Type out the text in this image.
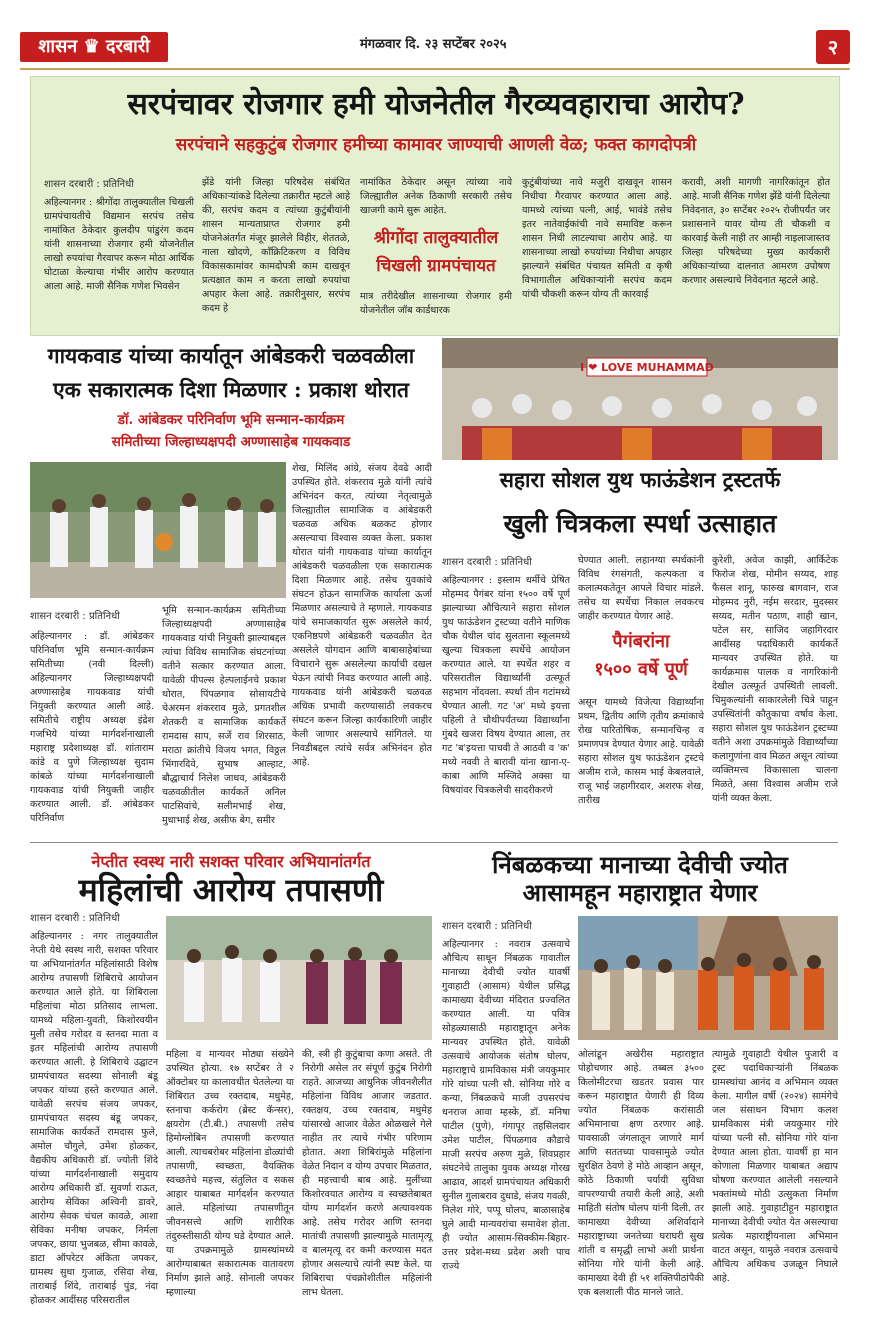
शासन ♛ दरबारी	मंगळवार दि. २३ सप्टेंबर २०२५	२
सरपंचावर रोजगार हमी योजनेतील गैरव्यवहाराचा आरोप?
सरपंचाने सहकुटुंब रोजगार हमीच्या कामावर जाण्याची आणली वेळ; फक्त कागदोपत्री
शासन दरबारी : प्रतिनिधी
अहिल्यानगर : श्रीगोंदा तालुक्यातील चिखली ग्रामपंचायतीचे विद्यमान सरपंच तसेच नामांकित ठेकेदार कुलदीप पांडुरंग कदम यांनी शासनाच्या रोजगार हमी योजनेतील लाखो रुपयांचा गैरवापर करून मोठा आर्थिक घोटाळा केल्याचा गंभीर आरोप करण्यात आला आहे. माजी सैनिक गणेश भिवसेन
झेंडे यांनी जिल्हा परिषदेस संबंधित अधिकाऱ्यांकडे दिलेल्या तक्रारीत म्हटले आहे की, सरपंच कदम व त्यांच्या कुटुंबीयांनी शासन मान्यताप्राप्त रोजगार हमी योजनेअंतर्गत मंजूर झालेले विहीर, शेततळे, नाला खोदणे, कॉंक्रिटिकरण व विविध विकासकामांवर कामदोपत्री काम दाखवून प्रत्यक्षात काम न करता लाखो रुपयांचा अपहार केला आहे. तक्रारीनुसार, सरपंच कदम हे
नामांकित ठेकेदार असून त्यांच्या नावे जिल्ह्यातील अनेक ठिकाणी सरकारी तसेच खाजगी कामे सुरू आहेत.
श्रीगोंदा तालुक्यातील
चिखली ग्रामपंचायत
मात्र तरीदेखील शासनाच्या रोजगार हमी योजनेतील जॉब कार्डधारक
कुटुंबीयांच्या नावे मजुरी दाखवून शासन निधीचा गैरवापर करण्यात आला आहे. यामध्ये त्यांच्या पत्नी, आई, भावंडे तसेच इतर नातेवाईकांची नावे समाविष्ट करून शासन निधी लाटल्याचा आरोप आहे. या शासनाच्या लाखो रुपयांच्या निधीचा अपहार झाल्याने संबंधित पंचायत समिती व कृषी विभागातील अधिकाऱ्यांनी सरपंच कदम यांची चौकशी करून योग्य ती कारवाई
करावी, अशी मागणी नागरिकांतून होत आहे. माजी सैनिक गणेश झेंडे यांनी दिलेल्या निवेदनात, ३० सप्टेंबर २०२५ रोजीपर्यंत जर प्रशासनाने यावर योग्य ती चौकशी व कारवाई केली नाही तर आम्ही नाइलाजास्तव जिल्हा परिषदेच्या मुख्य कार्यकारी अधिकाऱ्यांच्या दालनात आमरण उपोषण करणार असल्याचे निवेदनात म्हटले आहे.
गायकवाड यांच्या कार्यातून आंबेडकरी चळवळीला
एक सकारात्मक दिशा मिळणार : प्रकाश थोरात
डॉ. आंबेडकर परिनिर्वाण भूमि सन्मान-कार्यक्रम
समितीच्या जिल्हाध्यक्षपदी अण्णासाहेब गायकवाड
शेख, मिलिंद आंग्रे, संजय देवढे आदी उपस्थित होते. शंकरराव मुळे यांनी त्यांचे अभिनंदन करत, त्यांच्या नेतृत्वामुळे जिल्ह्यातील सामाजिक व आंबेडकरी चळवळ अधिक बळकट होणार असल्याचा विश्वास व्यक्त केला. प्रकाश थोरात यांनी गायकवाड यांच्या कार्यातून आंबेडकरी चळवळीला एक सकारात्मक दिशा मिळणार आहे. तसेच युवकांचे संघटन होऊन सामाजिक कार्याला ऊर्जा मिळणार असल्याचे ते म्हणाले. गायकवाड यांचे समाजकार्यात सुरू असलेले कार्य, एकनिष्ठपणे आंबेडकरी चळवळीत देत असलेले योगदान आणि बाबासाहेबांच्या विचाराने सुरू असलेल्या कार्याची दखल घेऊन त्यांची निवड करण्यात आली आहे. गायकवाड यांनी आंबेडकरी चळवळ अधिक प्रभावी करण्यासाठी लवकरच संघटन करून जिल्हा कार्यकारिणी जाहीर केली जाणार असल्याचे सांगितले. या निवडीबद्दल त्यांचे सर्वत्र अभिनंदन होत आहे.
शासन दरबारी : प्रतिनिधी
अहिल्यानगर : डॉ. आंबेडकर परिनिर्वाण भूमि सन्मान-कार्यक्रम समितीच्या (नवी दिल्ली) अहिल्यानगर जिल्हाध्यक्षपदी अण्णासाहेब गायकवाड यांची नियुक्ती करण्यात आली आहे. समितीचे राष्ट्रीय अध्यक्ष इंद्रेश गजभिये यांच्या मार्गदर्शनाखाली महाराष्ट्र प्रदेशाध्यक्ष डॉ. शांताराम कांडे व पुणे जिल्हाध्यक्ष सुदाम कांबळे यांच्या मार्गदर्शनाखाली गायकवाड यांची नियुक्ती जाहीर करण्यात आली. डॉ. आंबेडकर परिनिर्वाण
भूमि सन्मान-कार्यक्रम समितीच्या जिल्हाध्यक्षपदी अण्णासाहेब गायकवाड यांची नियुक्ती झाल्याबद्दल त्यांचा विविध सामाजिक संघटनांच्या वतीने सत्कार करण्यात आला. यावेळी पीपल्स हेल्पलाईनचे प्रकाश थोरात, पिंपळगाव सोसायटीचे चेअरमन शंकरराव मुळे, प्रगतशील शेतकरी व सामाजिक कार्यकर्ते रामदास साप, सर्जे राव शिरसाठ, मराठा क्रांतीचे विजय भगत, विठ्ठल भिंगारदिवे, सुभाष आल्हाट, बौद्धाचार्य निलेश जाधव, आंबेडकरी चळवळीतील कार्यकर्ते अनिल पाटसिवांचे, सलीमभाई शेख, मुधाभाई शेख, असीफ बेग, समीर
I ❤ LOVE MUHAMMAD
सहारा सोशल युथ फाऊंडेशन ट्रस्टतर्फे
खुली चित्रकला स्पर्धा उत्साहात
शासन दरबारी : प्रतिनिधी
अहिल्यानगर : इस्लाम धर्मीचे प्रेषित मोहम्मद पैगंबर यांना १५०० वर्षे पूर्ण झाल्याच्या औचित्याने सहारा सोशल युथ फाऊंडेशन ट्रस्टच्या वतीने माणिक चौक येथील चांद सुलताना स्कूलमध्ये खुल्या चित्रकला स्पर्धेचे आयोजन करण्यात आले. या स्पर्धेत शहर व परिसरातील विद्यार्थ्यांनी उत्स्फूर्त सहभाग नोंदवला. स्पर्धा तीन गटांमध्ये घेण्यात आली. गट 'अ' मध्ये इयत्ता पहिली ते चौथीपर्यंतच्या विद्यार्थ्यांना गुंबदे खजरा विषय देण्यात आला, तर गट 'ब'इयत्ता पाचवी ते आठवी व 'क' मध्ये नववी ते बारावी यांना खाना-ए-काबा आणि मस्जिदे अक्सा या विषयांवर चित्रकलेची सादरीकरणे
घेण्यात आली. लहानग्या स्पर्धकांनी विविध रंगसंगती, कल्पकता व कलात्मकतेतून आपले विचार मांडले. तसेच या स्पर्धेचा निकाल लवकरच जाहीर करण्यात येणार आहे.
पैगंबरांना
१५०० वर्षे पूर्ण
असून यामध्ये विजेत्या विद्यार्थ्यांना प्रथम, द्वितीय आणि तृतीय क्रमांकाचे रोख पारितोषिक, सन्मानचिन्ह व प्रमाणपत्र देण्यात येणार आहे. यावेळी सहारा सोशल युथ फाऊंडेशन ट्रस्टचे अजीम राजे, कासम भाई केबलवाले, राजू भाई जहागीरदार, अशरफ शेख, तारीख
कुरेशी, अवेज काझी, आर्किटेक फिरोज शेख, मोमीन सय्यद, शाह फैसल शानू, फारुख बागवान, राज मोहम्मद नुरी, नईम सरदार, मुदस्सर सय्यद, मतीन पठाण, शाही खान, पटेल सर, साजिद जहागिरदार आदींसह पदाधिकारी कार्यकर्ते मान्यवर उपस्थित होते. या कार्यक्रमास पालक व नागरिकांनी देखील उत्स्फूर्त उपस्थिती लावली. चिमुकल्यांनी साकारलेली चित्रे पाहून उपस्थितांनी कौतुकाचा वर्षाव केला. सहारा सोशल युथ फाऊंडेशन ट्रस्टच्या वतीने अशा उपक्रमांमुळे विद्यार्थ्यांच्या कलागुणांना वाव मिळत असून त्यांच्या व्यक्तिमत्त्व विकासाला चालना मिळते, असा विश्वास अजीम राजे यांनी व्यक्त केला.
नेप्तीत स्वस्थ नारी सशक्त परिवार अभियानांतर्गत
महिलांची आरोग्य तपासणी
शासन दरबारी : प्रतिनिधी
अहिल्यानगर : नगर तालुक्यातील नेप्ती येथे स्वस्थ नारी, सशक्त परिवार या अभियानांतर्गत महिलांसाठी विशेष आरोग्य तपासणी शिबिराचे आयोजन करण्यात आले होते. या शिबिराला महिलांचा मोठा प्रतिसाद लाभला. यामध्ये महिला-युवती, किशोरवयीन मुली तसेच गरोदर व स्तनदा माता व इतर महिलांची आरोग्य तपासणी करण्यात आली. हे शिबिराचे उद्घाटन ग्रामपंचायत सदस्या सोनाली बंडू जपकर यांच्या हस्ते करण्यात आले. यावेळी सरपंच संजय जपकर, ग्रामपंचायत सदस्य बंडू जपकर, सामाजिक कार्यकर्ते रामदास फुले, अमोल चौगुले, उमेश होळकर, वैद्यकीय अधिकारी डॉ. ज्योती शिंदे यांच्या मार्गदर्शनाखाली समुदाय आरोग्य अधिकारी डॉ. सुवर्णा राऊत, आरोग्य सेविका अश्विनी डावरे, आरोग्य सेवक चंचल कावळे, आशा सेविका मनीषा जपकर, निर्मला जपकर, छाया भुजबळ, सीमा कावळे, डाटा ऑपरेटर अंकिता जपकर, ग्रामस्थ सुधा गुजाळ, रसिदा शेख, ताराबाई शिंदे, ताराबाई पुंड, नंदा होळकर आदींसह परिसरातील
महिला व मान्यवर मोठ्या संख्येने उपस्थित होत्या. १७ सप्टेंबर ते २ ऑक्टोबर या कालावधीत घेतलेल्या या शिबिरात उच्च रक्तदाब, मधुमेह, स्तनाचा कर्करोग (ब्रेस्ट कॅन्सर), क्षयरोग (टी.बी.) तपासणी तसेच हिमोग्लोबिन तपासणी करण्यात आली. त्याचबरोबर महिलांना डोळ्यांची तपासणी, स्वच्छता, वैयक्तिक स्वच्छतेचे महत्त्व, संतुलित व सकस आहार याबाबत मार्गदर्शन करण्यात आले. महिलांच्या तपासणीतून जीवनसत्त्वे आणि शारीरिक तंदुरुस्तीसाठी योग्य घडे देण्यात आले. या उपक्रमामुळे ग्रामस्थांमध्ये आरोग्याबाबत सकारात्मक वातावरण निर्माण झाले आहे. सोनाली जपकर म्हणाल्या
की, स्त्री ही कुटुंबाचा कणा असते. ती निरोगी असेल तर संपूर्ण कुटुंब निरोगी राहते. आजच्या आधुनिक जीवनशैलीत महिलांना विविध आजार जडतात. रक्तक्षय, उच्च रक्तदाब, मधुमेह यांसारखे आजार वेळेत ओळखले गेले नाहीत तर त्याचे गंभीर परिणाम होतात. अशा शिबिरांमुळे महिलांना वेळेत निदान व योग्य उपचार मिळतात, ही महत्त्वाची बाब आहे. मुलींच्या किशोरवयात आरोग्य व स्वच्छतेबाबत योग्य मार्गदर्शन करणे अत्यावश्यक आहे. तसेच गरोदर आणि स्तनदा मातांची तपासणी झाल्यामुळे मातामृत्यू व बालमृत्यू दर कमी करण्यास मदत होणार असल्याचे त्यांनी स्पष्ट केले. या शिबिराचा पंचक्रोशीतील महिलांनी लाभ घेतला.
निंबळकच्या मानाच्या देवीची ज्योत
आसामहून महाराष्ट्रात येणार
शासन दरबारी : प्रतिनिधी
अहिल्यानगर : नवरात्र उत्सवाचे औचित्य साधून निंबळक गावातील मानाच्या देवीची ज्योत यावर्षी गुवाहाटी (आसाम) येथील प्रसिद्ध कामाख्या देवीच्या मंदिरात प्रज्वलित करण्यात आली. या पवित्र सोहळ्यासाठी महाराष्ट्रातून अनेक मान्यवर उपस्थित होते. यावेळी उत्सवाचे आयोजक संतोष घोलप, महाराष्ट्राचे ग्रामविकास मंत्री जयकुमार गोरे यांच्या पत्नी सौ. सोनिया गोरे व कन्या, निंबळकचे माजी उपसरपंच धनराज आवा म्हस्के, डॉ. मनिषा पाटील (पुणे), गंगापूर तहसिलदार उमेश पाटील, पिंपळगाव कौडाचे माजी सरपंच अरुण मुळे, शिवप्रहार संघटनेचे तालुका युवक अध्यक्ष गोरख आढाव, आदर्श ग्रामपंचायत अधिकारी सुनील गुलाबराव दुधाडे, संजय गवळी, निलेश गोरे, पप्पू घोलप, बाळासाहेब घुले आदी मान्यवरांचा समावेश होता. ही ज्योत आसाम-सिक्कीम-बिहार-उत्तर प्रदेश-मध्य प्रदेश अशी पाच राज्ये
ओलांडून अखेरीस महाराष्ट्रात पोहोचणार आहे. तब्बल ३५०० किलोमीटरचा खडतर प्रवास पार करून महाराष्ट्रात येणारी ही दिव्य ज्योत निंबळक करांसाठी अभिमानाचा क्षण ठरणार आहे. पावसाळी जंगलातून जाणारे मार्ग आणि सततच्या पावसामुळे ज्योत सुरक्षित ठेवणे हे मोठे आव्हान असून, कोठे ठिकाणी पर्यायी सुविधा वापरण्याची तयारी केली आहे, अशी माहिती संतोष घोलप यांनी दिली. तर कामाख्या देवीच्या अशिर्वादाने महाराष्ट्राच्या जनतेच्या घराघरी सुख शांती व समृद्धी लाभो अशी प्रार्थना सोनिया गोरे यांनी केली आहे. कामाख्या देवी ही ५१ शक्तिपीठांपैकी एक बलशाली पीठ मानले जाते.
त्यामुळे गुवाहाटी येथील पुजारी व ट्रस्ट पदाधिकाऱ्यांनी निंबळक ग्रामस्थांचा आनंद व अभिमान व्यक्त केला. मागील वर्षी (२०२४) सामंगेचे जल संसाधन विभाग कलश ग्रामविकास मंत्री जयकुमार गोरे यांच्या पत्नी सौ. सोनिया गोरे यांना देण्यात आला होता. यावर्षी हा मान कोणाला मिळणार याबाबत अद्याप घोषणा करण्यात आलेली नसल्याने भक्तांमध्ये मोठी उत्सुकता निर्माण झाली आहे. गुवाहाटीहून महाराष्ट्रात मानाच्या देवीची ज्योत येत असल्याचा प्रत्येक महाराष्ट्रीयनाला अभिमान वाटत असून, यामुळे नवरात्र उत्सवाचे औचित्य अधिकच उजळून निघाले आहे.
